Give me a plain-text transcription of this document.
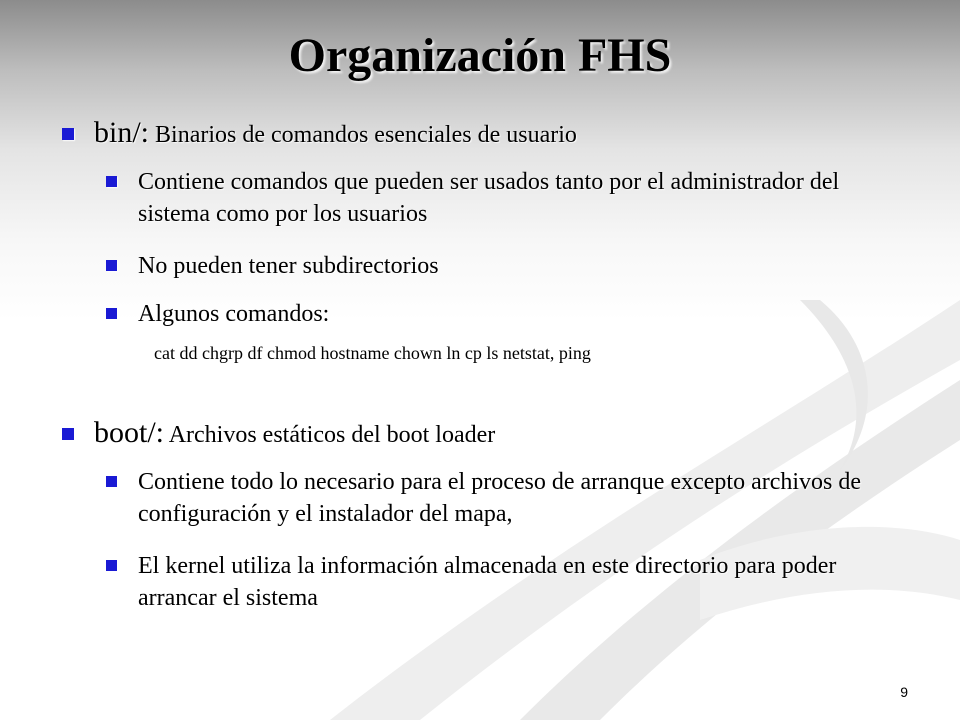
Organización FHS
bin/: Binarios de comandos esenciales de usuario
Contiene comandos que pueden ser usados tanto por el administrador del sistema como por los usuarios
No pueden tener subdirectorios
Algunos comandos:
cat dd chgrp df chmod hostname chown ln cp ls netstat, ping
boot/: Archivos estáticos del boot loader
Contiene todo lo necesario para el proceso de arranque excepto archivos de configuración y el instalador del mapa,
El kernel utiliza la información almacenada en este directorio para poder arrancar el sistema
9
